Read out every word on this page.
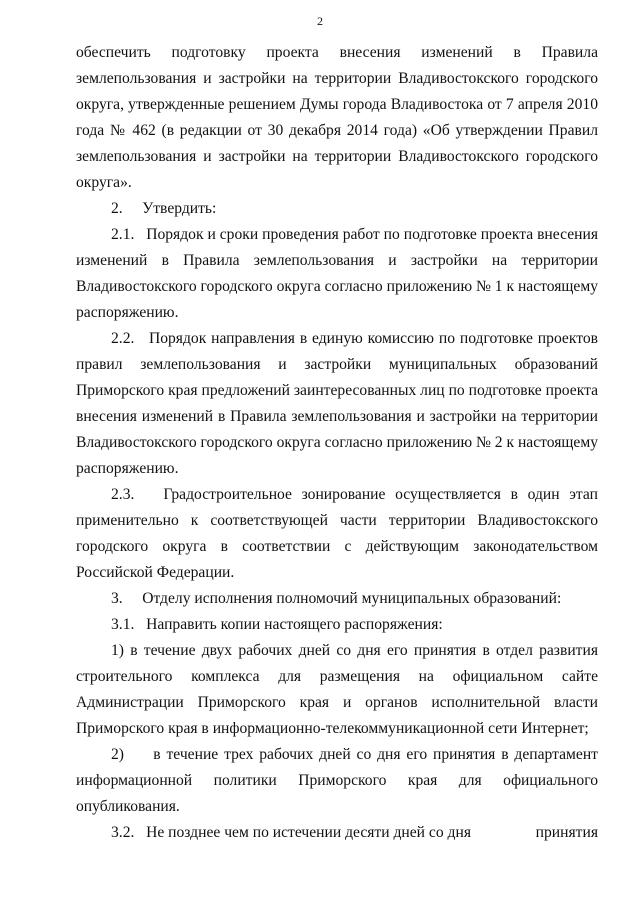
2

обеспечить подготовку проекта внесения изменений в Правила землепользования и застройки на территории Владивостокского городского округа, утвержденные решением Думы города Владивостока от 7 апреля 2010 года № 462 (в редакции от 30 декабря 2014 года) «Об утверждении Правил землепользования и застройки на территории Владивостокского городского округа».

2.     Утвердить:

2.1.   Порядок и сроки проведения работ по подготовке проекта внесения изменений в Правила землепользования и застройки на территории Владивостокского городского округа согласно приложению № 1 к настоящему распоряжению.

2.2.   Порядок направления в единую комиссию по подготовке проектов правил землепользования и застройки муниципальных образований Приморского края предложений заинтересованных лиц по подготовке проекта внесения изменений в Правила землепользования и застройки на территории Владивостокского городского округа согласно приложению № 2 к настоящему распоряжению.

2.3.   Градостроительное зонирование осуществляется в один этап применительно к соответствующей части территории Владивостокского городского округа в соответствии с действующим законодательством Российской Федерации.

3.     Отделу исполнения полномочий муниципальных образований:

3.1.   Направить копии настоящего распоряжения:

1) в течение двух рабочих дней со дня его принятия в отдел развития строительного комплекса для размещения на официальном сайте Администрации Приморского края и органов исполнительной власти Приморского края в информационно-телекоммуникационной сети Интернет;

2)     в течение трех рабочих дней со дня его принятия в департамент информационной политики Приморского края для официального опубликования.

3.2.   Не позднее чем по истечении десяти дней со дня	принятия
